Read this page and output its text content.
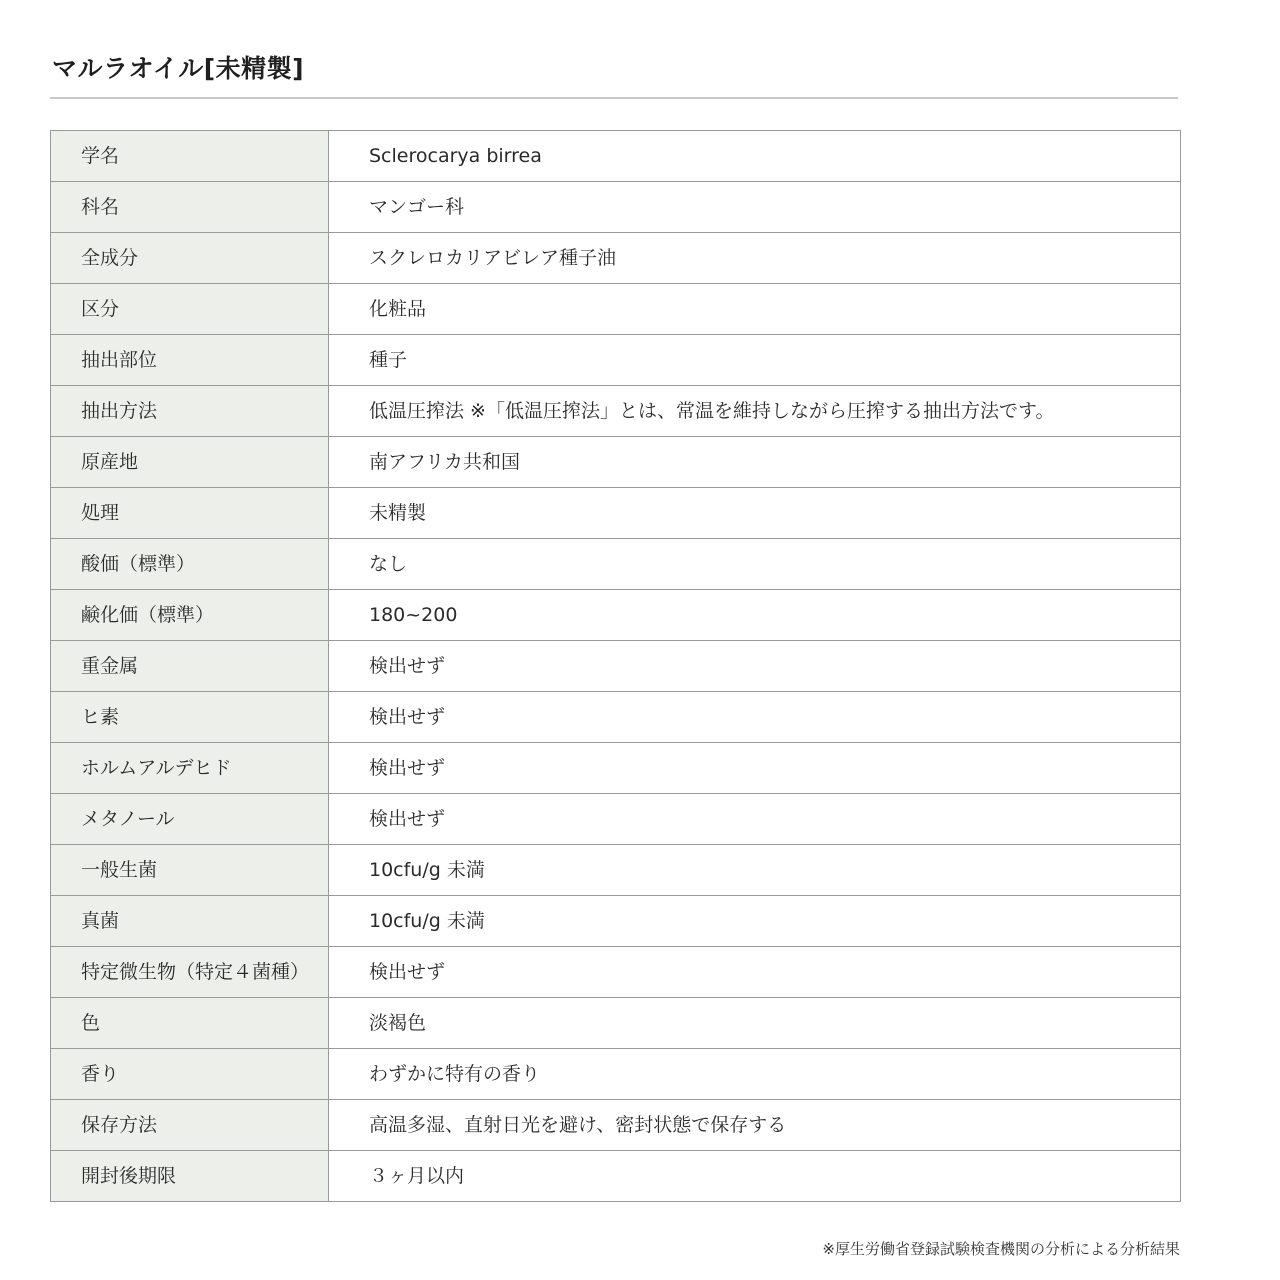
マルラオイル[未精製]
学名	Sclerocarya birrea
科名	マンゴー科
全成分	スクレロカリアビレア種子油
区分	化粧品
抽出部位	種子
抽出方法	低温圧搾法 ※「低温圧搾法」とは、常温を維持しながら圧搾する抽出方法です。
原産地	南アフリカ共和国
処理	未精製
酸価（標準）	なし
鹸化価（標準）	180~200
重金属	検出せず
ヒ素	検出せず
ホルムアルデヒド	検出せず
メタノール	検出せず
一般生菌	10cfu/g 未満
真菌	10cfu/g 未満
特定微生物（特定４菌種）	検出せず
色	淡褐色
香り	わずかに特有の香り
保存方法	高温多湿、直射日光を避け、密封状態で保存する
開封後期限	３ヶ月以内
※厚生労働省登録試験検査機関の分析による分析結果
